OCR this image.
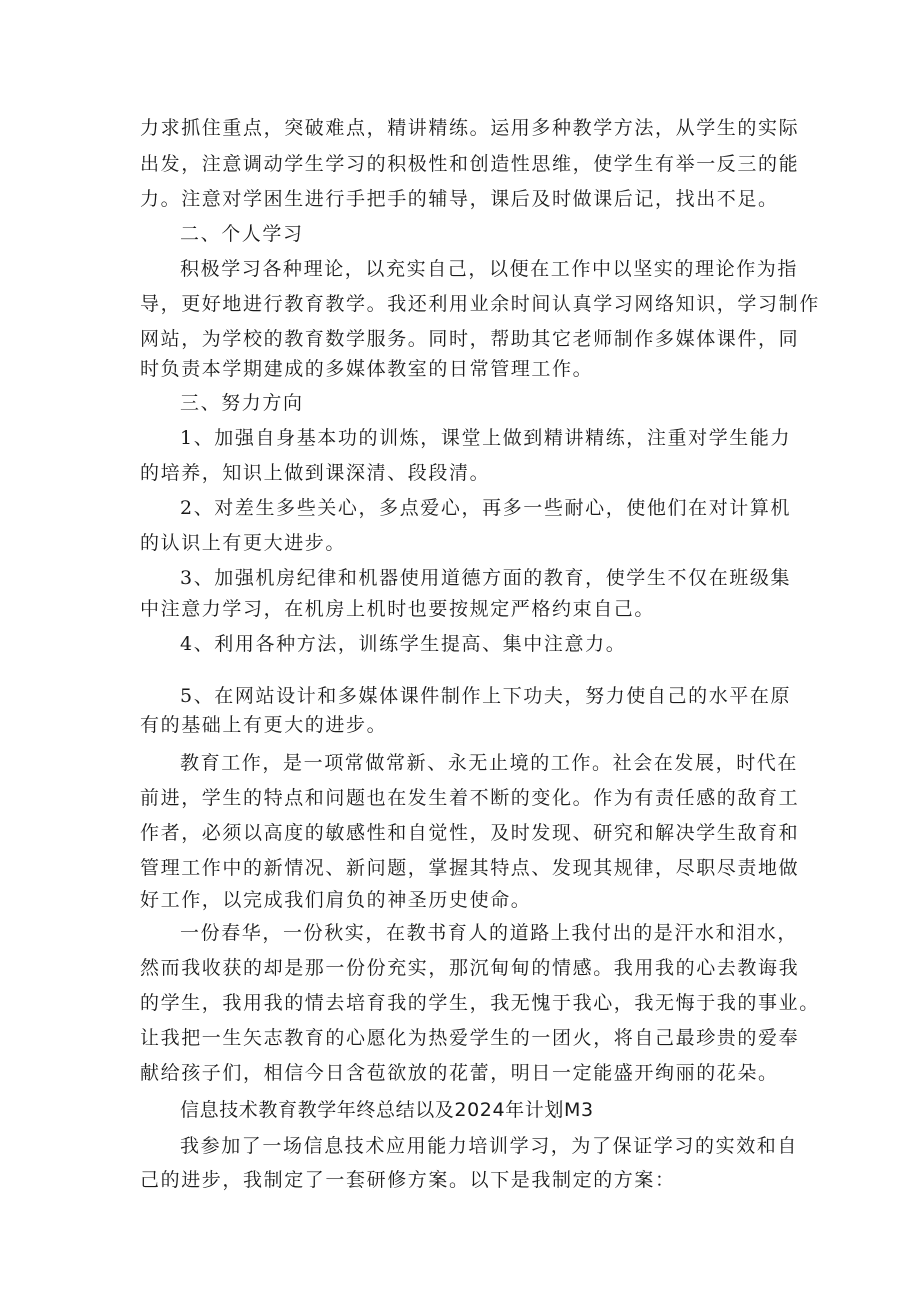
力求抓住重点，突破难点，精讲精练。运用多种教学方法，从学生的实际
出发，注意调动学生学习的积极性和创造性思维，使学生有举一反三的能
力。注意对学困生进行手把手的辅导，课后及时做课后记，找出不足。
二、个人学习
积极学习各种理论，以充实自己，以便在工作中以坚实的理论作为指
导，更好地进行教育教学。我还利用业余时间认真学习网络知识，学习制作
网站，为学校的教育数学服务。同时，帮助其它老师制作多媒体课件，同
时负责本学期建成的多媒体教室的日常管理工作。
三、努力方向
1、加强自身基本功的训炼，课堂上做到精讲精练，注重对学生能力
的培养，知识上做到课深清、段段清。
2、对差生多些关心，多点爱心，再多一些耐心，使他们在对计算机
的认识上有更大进步。
3、加强机房纪律和机器使用道德方面的教育，使学生不仅在班级集
中注意力学习，在机房上机时也要按规定严格约束自己。
4、利用各种方法，训练学生提高、集中注意力。
5、在网站设计和多媒体课件制作上下功夫，努力使自己的水平在原
有的基础上有更大的进步。
教育工作，是一项常做常新、永无止境的工作。社会在发展，时代在
前进，学生的特点和问题也在发生着不断的变化。作为有责任感的敌育工
作者，必须以高度的敏感性和自觉性，及时发现、研究和解决学生敌育和
管理工作中的新情况、新问题，掌握其特点、发现其规律，尽职尽责地做
好工作，以完成我们肩负的神圣历史使命。
一份春华，一份秋实，在教书育人的道路上我付出的是汗水和泪水，
然而我收获的却是那一份份充实，那沉甸甸的情感。我用我的心去教诲我
的学生，我用我的情去培育我的学生，我无愧于我心，我无悔于我的事业。
让我把一生矢志教育的心愿化为热爱学生的一团火，将自己最珍贵的爱奉
献给孩子们，相信今日含苞欲放的花蕾，明日一定能盛开绚丽的花朵。
信息技术教育教学年终总结以及2024年计划M3
我参加了一场信息技术应用能力培训学习，为了保证学习的实效和自
己的进步，我制定了一套研修方案。以下是我制定的方案：
